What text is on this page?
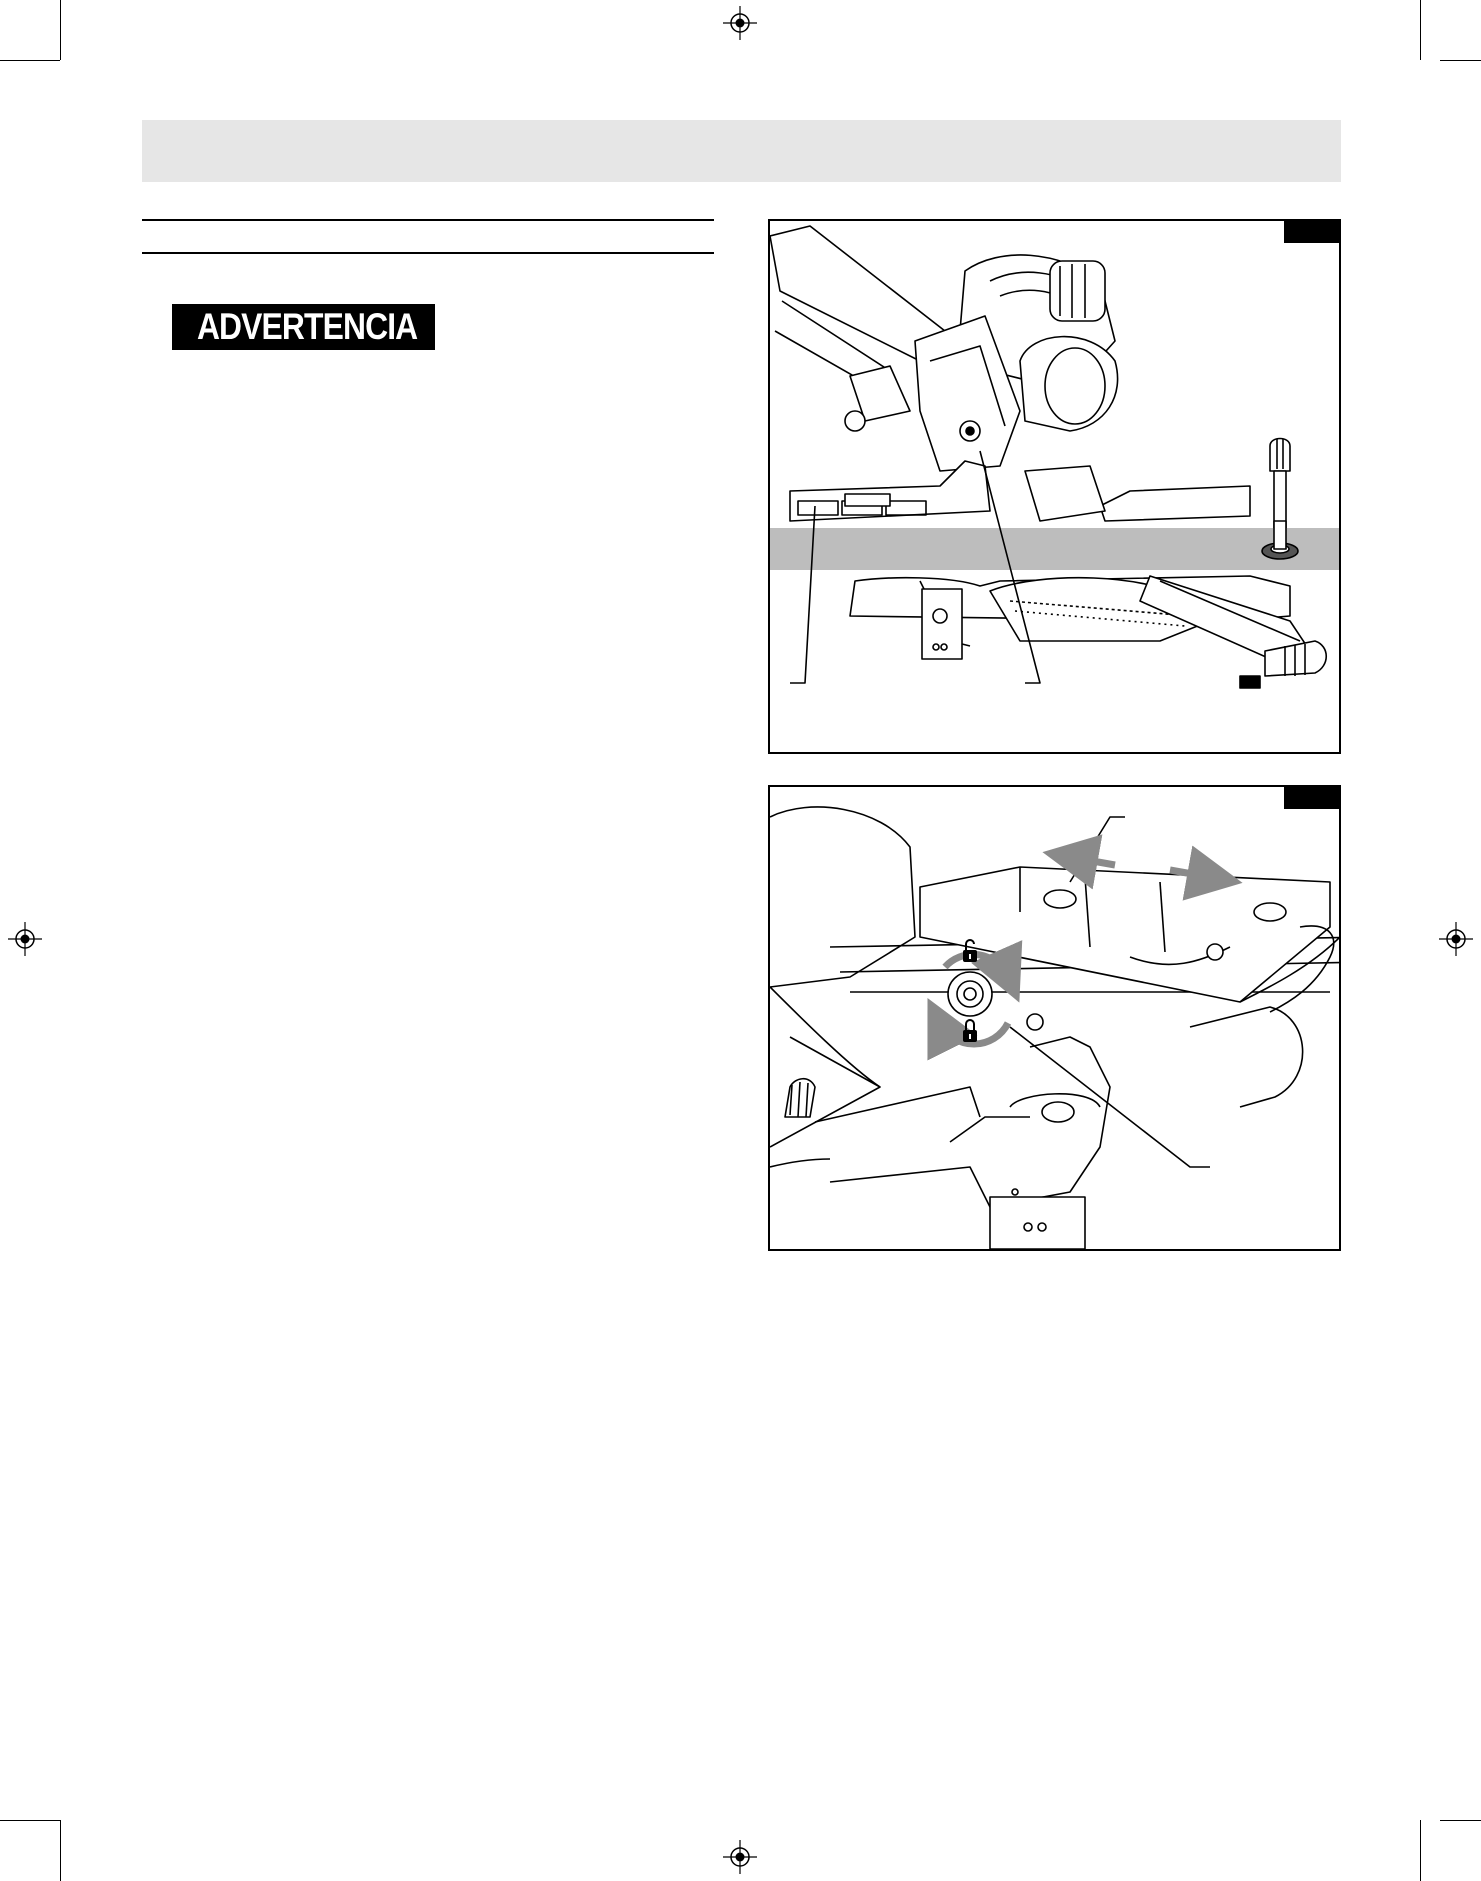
ADVERTENCIA
